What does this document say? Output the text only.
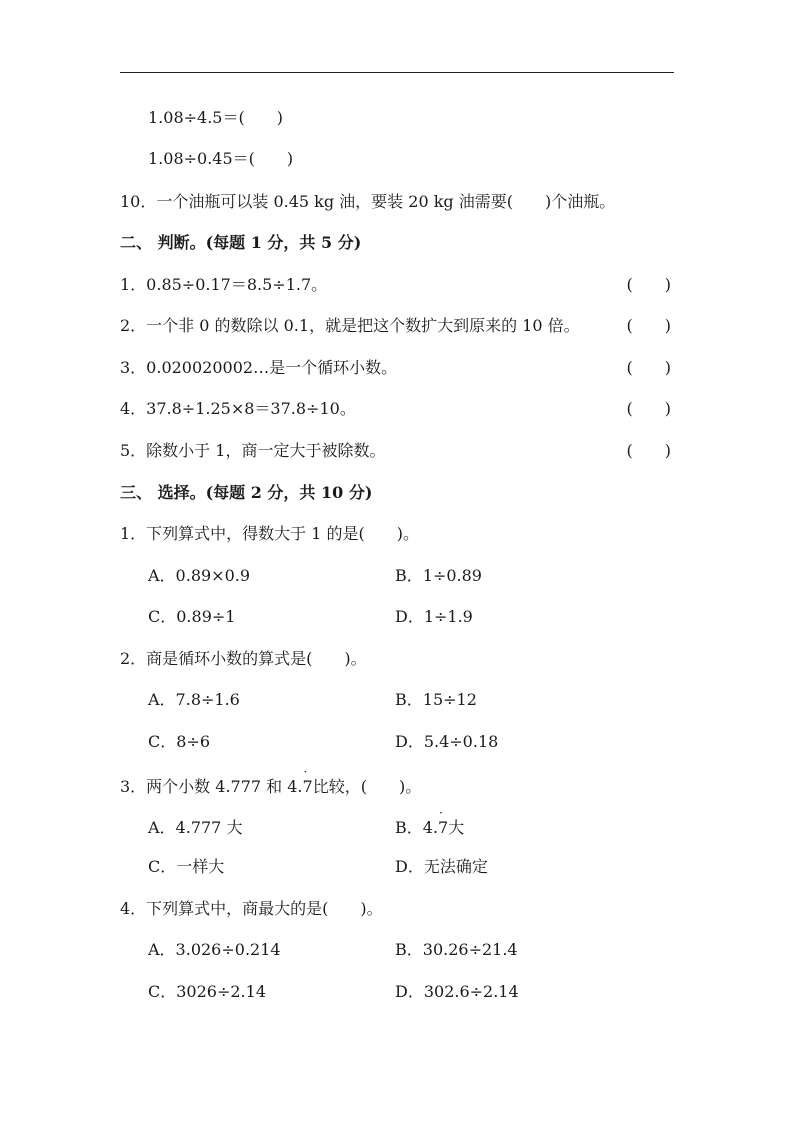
1.08÷4.5＝(　　)
1.08÷0.45＝(　　)
10．一个油瓶可以装 0.45 kg 油，要装 20 kg 油需要(　　)个油瓶。
二、 判断。(每题 1 分，共 5 分)
1．0.85÷0.17＝8.5÷1.7。	(　　)
2．一个非 0 的数除以 0.1，就是把这个数扩大到原来的 10 倍。	(　　)
3．0.020020002…是一个循环小数。	(　　)
4．37.8÷1.25×8＝37.8÷10。	(　　)
5．除数小于 1，商一定大于被除数。	(　　)
三、 选择。(每题 2 分，共 10 分)
1．下列算式中，得数大于 1 的是(　　)。
A．0.89×0.9	B．1÷0.89
C．0.89÷1	D．1÷1.9
2．商是循环小数的算式是(　　)。
A．7.8÷1.6	B．15÷12
C．8÷6	D．5.4÷0.18
3．两个小数 4.777 和 4.· 7比较，(　　)。
A．4.777 大	B．4.· 7大
C．一样大	D．无法确定
4．下列算式中，商最大的是(　　)。
A．3.026÷0.214	B．30.26÷21.4
C．3026÷2.14	D．302.6÷2.14
